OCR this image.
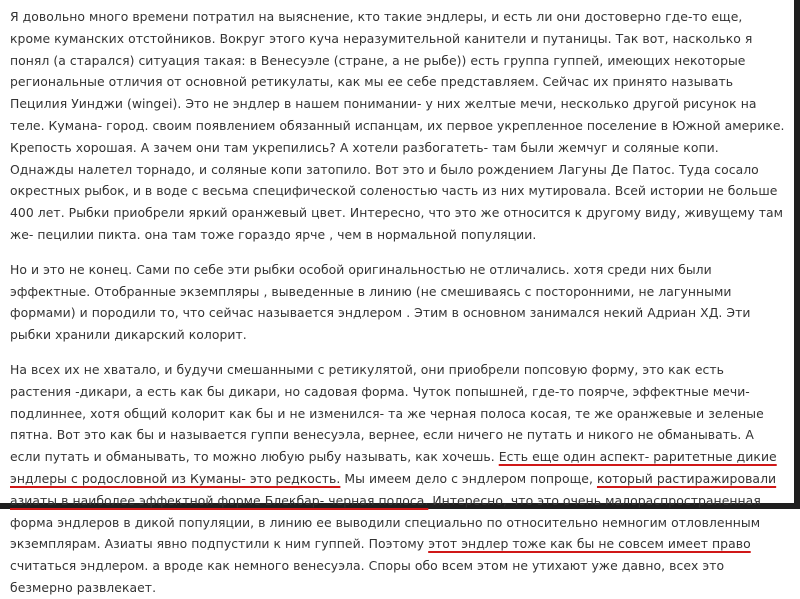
Я довольно много времени потратил на выяснение, кто такие эндлеры, и есть ли они достоверно где-то еще, кроме куманских отстойников. Вокруг этого куча неразумительной канители и путаницы. Так вот, насколько я понял (а старался) ситуация такая: в Венесуэле (стране, а не рыбе)) есть группа гуппей, имеющих некоторые региональные отличия от основной ретикулаты, как мы ее себе представляем. Сейчас их принято называть Пецилия Уинджи (wingei). Это не эндлер в нашем понимании- у них желтые мечи, несколько другой рисунок на теле. Кумана- город. своим появлением обязанный испанцам, их первое укрепленное поселение в Южной америке. Крепость хорошая. А зачем они там укрепились? А хотели разбогатеть- там были жемчуг и соляные копи. Однажды налетел торнадо, и соляные копи затопило. Вот это и было рождением Лагуны Де Патос. Туда сосало окрестных рыбок, и в воде с весьма специфической соленостью часть из них мутировала. Всей истории не больше 400 лет. Рыбки приобрели яркий оранжевый цвет. Интересно, что это же относится к другому виду, живущему там же- пецилии пикта. она там тоже гораздо ярче , чем в нормальной популяции.

Но и это не конец. Сами по себе эти рыбки особой оригинальностью не отличались. хотя среди них были эффектные. Отобранные экземпляры , выведенные в линию (не смешиваясь с посторонними, не лагунными формами) и породили то, что сейчас называется эндлером . Этим в основном занимался некий Адриан ХД. Эти рыбки хранили дикарский колорит.

На всех их не хватало, и будучи смешанными с ретикулятой, они приобрели попсовую форму, это как есть растения -дикари, а есть как бы дикари, но садовая форма. Чуток попышней, где-то поярче, эффектные мечи- подлиннее, хотя общий колорит как бы и не изменился- та же черная полоса косая, те же оранжевые и зеленые пятна. Вот это как бы и называется гуппи венесуэла, вернее, если ничего не путать и никого не обманывать. А если путать и обманывать, то можно любую рыбу называть, как хочешь. Есть еще один аспект- раритетные дикие эндлеры с родословной из Куманы- это редкость. Мы имеем дело с эндлером попроще, который растиражировали азиаты в наиболее эффектной форме Блекбар- черная полоса. Интересно, что это очень малораспространенная форма эндлеров в дикой популяции, в линию ее выводили специально по относительно немногим отловленным экземплярам. Азиаты явно подпустили к ним гуппей. Поэтому этот эндлер тоже как бы не совсем имеет право считаться эндлером. а вроде как немного венесуэла. Споры обо всем этом не утихают уже давно, всех это безмерно развлекает.
